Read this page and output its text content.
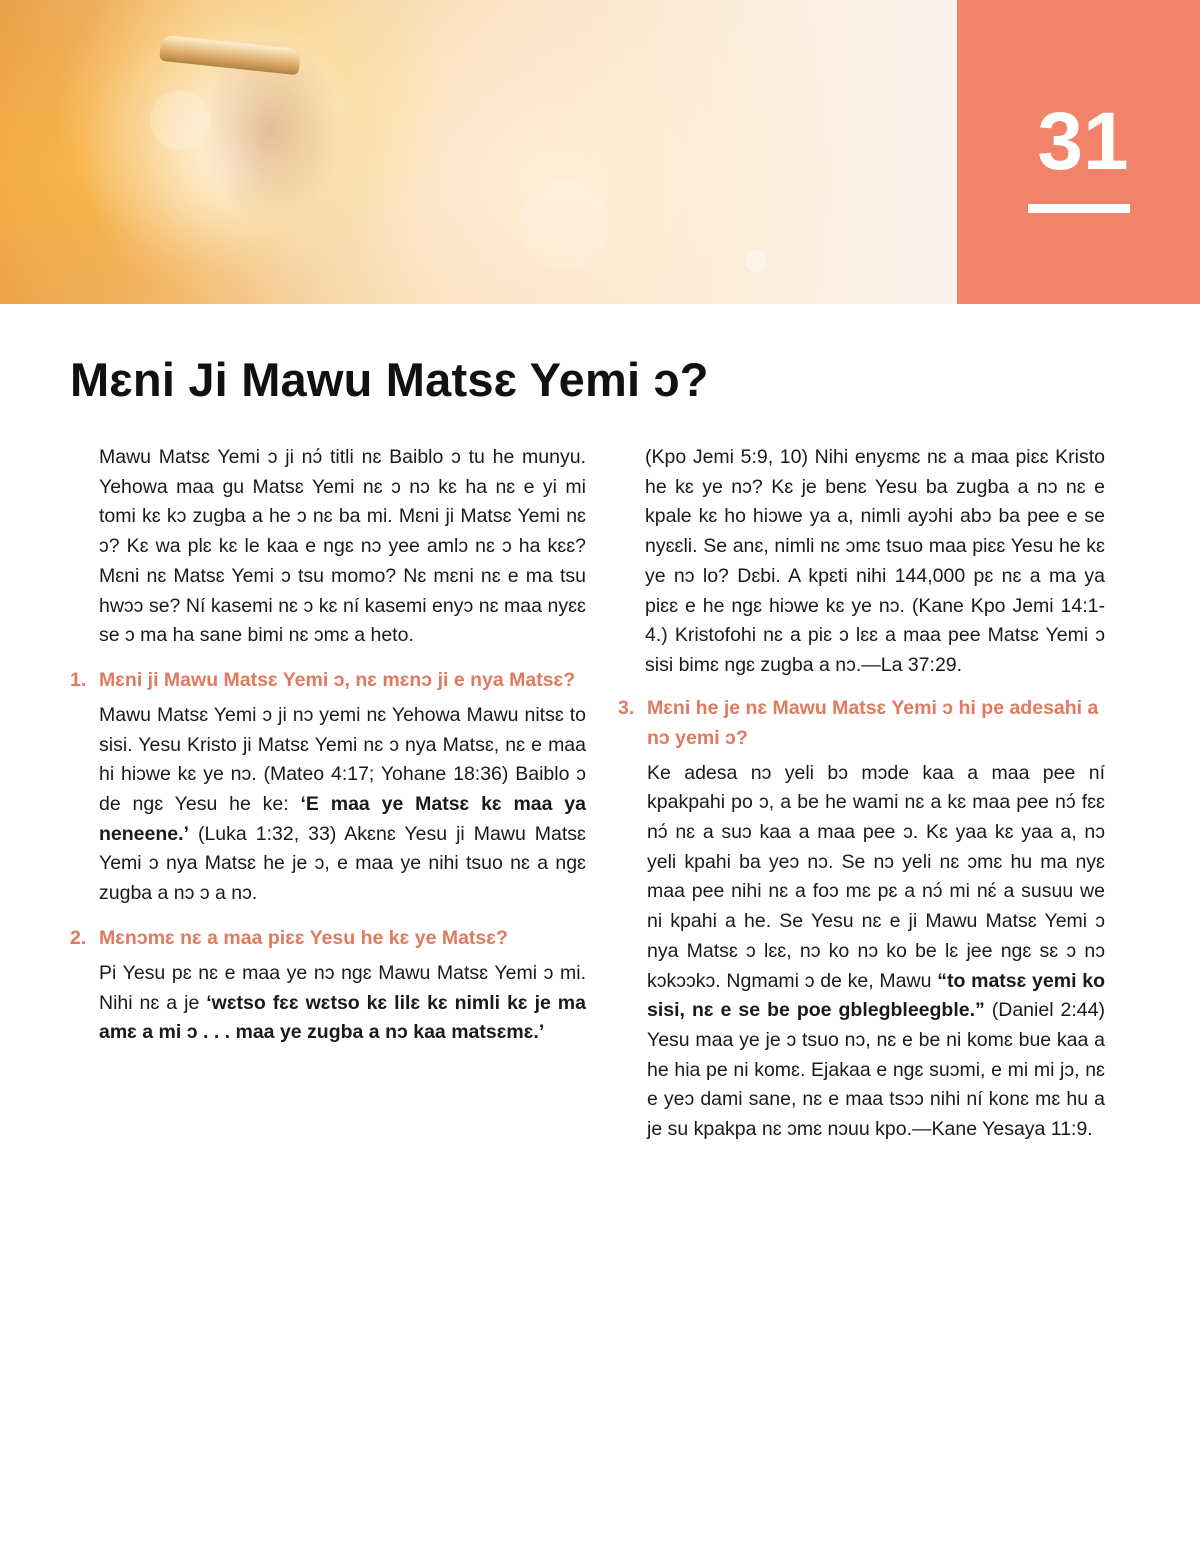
31
Mɛni Ji Mawu Matsɛ Yemi ɔ?

Mawu Matsɛ Yemi ɔ ji nɔ́ titli nɛ Baiblo ɔ tu he munyu. Yehowa maa gu Matsɛ Yemi nɛ ɔ nɔ kɛ ha nɛ e yi mi tomi kɛ kɔ zugba a he ɔ nɛ ba mi. Mɛni ji Matsɛ Yemi nɛ ɔ? Kɛ wa plɛ kɛ le kaa e ngɛ nɔ yee amlɔ nɛ ɔ ha kɛɛ? Mɛni nɛ Matsɛ Yemi ɔ tsu momo? Nɛ mɛni nɛ e ma tsu hwɔɔ se? Ní kasemi nɛ ɔ kɛ ní kasemi enyɔ nɛ maa nyɛɛ se ɔ ma ha sane bimi nɛ ɔmɛ a heto.

1. Mɛni ji Mawu Matsɛ Yemi ɔ, nɛ mɛnɔ ji e nya Matsɛ?

Mawu Matsɛ Yemi ɔ ji nɔ yemi nɛ Yehowa Mawu nitsɛ to sisi. Yesu Kristo ji Matsɛ Yemi nɛ ɔ nya Matsɛ, nɛ e maa hi hiɔwe kɛ ye nɔ. (Mateo 4:17; Yohane 18:36) Baiblo ɔ de ngɛ Yesu he ke: ‘E maa ye Matsɛ kɛ maa ya neneene.’ (Luka 1:32, 33) Akɛnɛ Yesu ji Mawu Matsɛ Yemi ɔ nya Matsɛ he je ɔ, e maa ye nihi tsuo nɛ a ngɛ zugba a nɔ ɔ a nɔ.

2. Mɛnɔmɛ nɛ a maa piɛɛ Yesu he kɛ ye Matsɛ?

Pi Yesu pɛ nɛ e maa ye nɔ ngɛ Mawu Matsɛ Yemi ɔ mi. Nihi nɛ a je ‘wɛtso fɛɛ wɛtso kɛ lilɛ kɛ nimli kɛ je ma amɛ a mi ɔ . . . maa ye zugba a nɔ kaa matsɛmɛ.’

(Kpo Jemi 5:9, 10) Nihi enyɛmɛ nɛ a maa piɛɛ Kristo he kɛ ye nɔ? Kɛ je benɛ Yesu ba zugba a nɔ nɛ e kpale kɛ ho hiɔwe ya a, nimli ayɔhi abɔ ba pee e se nyɛɛli. Se anɛ, nimli nɛ ɔmɛ tsuo maa piɛɛ Yesu he kɛ ye nɔ lo? Dɛbi. A kpɛti nihi 144,000 pɛ nɛ a ma ya piɛɛ e he ngɛ hiɔwe kɛ ye nɔ. (Kane Kpo Jemi 14:1-4.) Kristofohi nɛ a piɛ ɔ lɛɛ a maa pee Matsɛ Yemi ɔ sisi bimɛ ngɛ zugba a nɔ.—La 37:29.

3. Mɛni he je nɛ Mawu Matsɛ Yemi ɔ hi pe adesahi a nɔ yemi ɔ?

Ke adesa nɔ yeli bɔ mɔde kaa a maa pee ní kpakpahi po ɔ, a be he wami nɛ a kɛ maa pee nɔ́ fɛɛ nɔ́ nɛ a suɔ kaa a maa pee ɔ. Kɛ yaa kɛ yaa a, nɔ yeli kpahi ba yeɔ nɔ. Se nɔ yeli nɛ ɔmɛ hu ma nyɛ maa pee nihi nɛ a foɔ mɛ pɛ a nɔ́ mi nɛ́ a susuu we ni kpahi a he. Se Yesu nɛ e ji Mawu Matsɛ Yemi ɔ nya Matsɛ ɔ lɛɛ, nɔ ko nɔ ko be lɛ jee ngɛ sɛ ɔ nɔ kɔkɔɔkɔ. Ngmami ɔ de ke, Mawu “to matsɛ yemi ko sisi, nɛ e se be poe gblegbleegble.” (Daniel 2:44) Yesu maa ye je ɔ tsuo nɔ, nɛ e be ni komɛ bue kaa a he hia pe ni komɛ. Ejakaa e ngɛ suɔmi, e mi mi jɔ, nɛ e yeɔ dami sane, nɛ e maa tsɔɔ nihi ní konɛ mɛ hu a je su kpakpa nɛ ɔmɛ nɔuu kpo.—Kane Yesaya 11:9.
